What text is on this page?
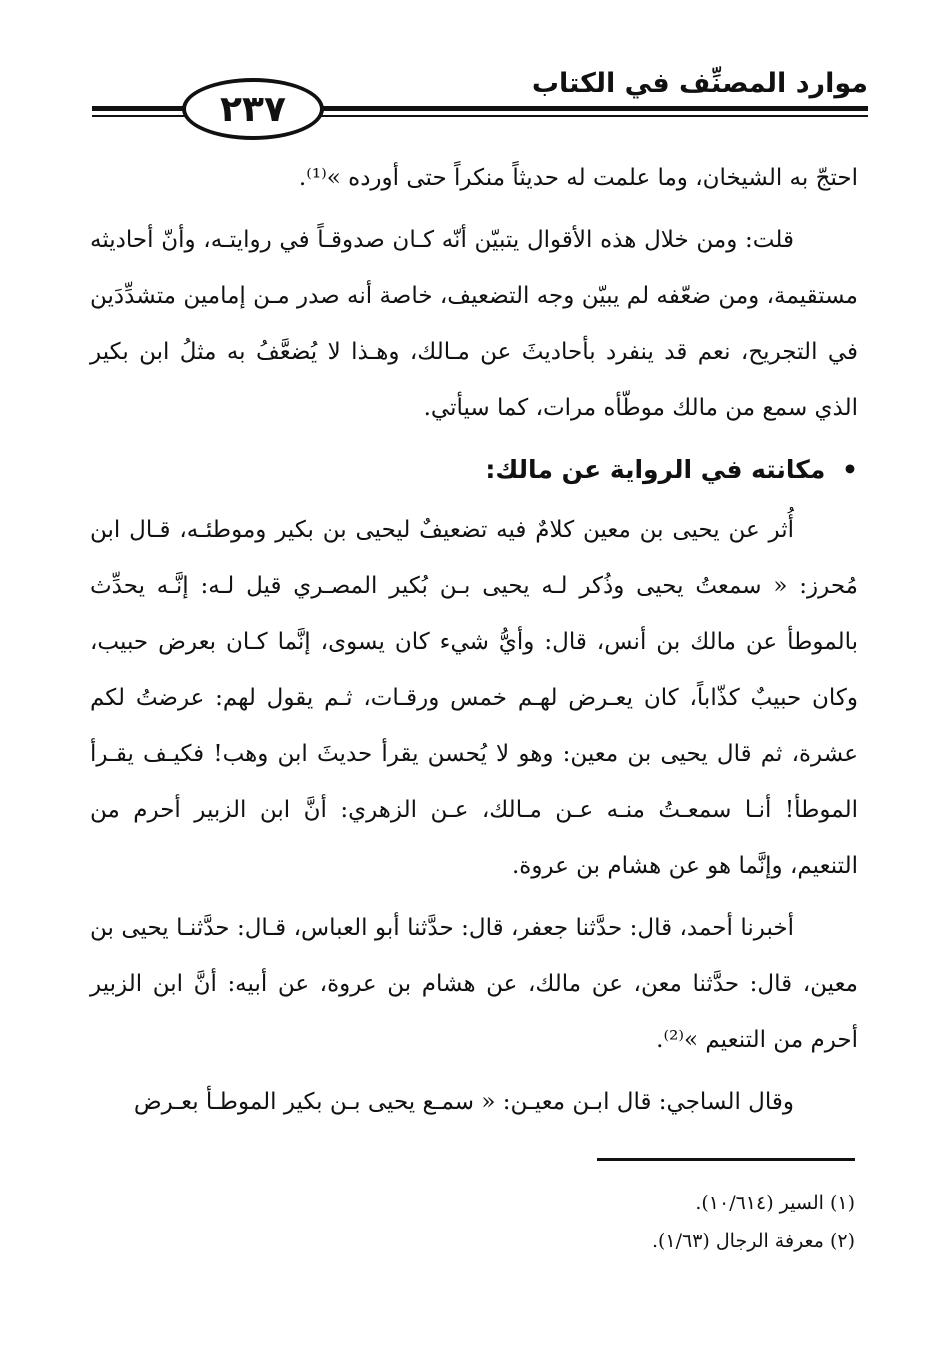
موارد المصنِّف في الكتاب
٢٣٧

احتجّ به الشيخان، وما علمت له حديثاً منكراً حتى أورده »⁽¹⁾.

قلت: ومن خلال هذه الأقوال يتبيّن أنّه كـان صدوقـاً في روايتـه، وأنّ أحاديثه مستقيمة، ومن ضعّفه لم يبيّن وجه التضعيف، خاصة أنه صدر مـن إمامين متشدِّدَين في التجريح، نعم قد ينفرد بأحاديثَ عن مـالك، وهـذا لا يُضعَّفُ به مثلُ ابن بكير الذي سمع من مالك موطّأه مرات، كما سيأتي.

• مكانته في الرواية عن مالك:

أُثر عن يحيى بن معين كلامٌ فيه تضعيفٌ ليحيى بن بكير وموطئـه، قـال ابن مُحرز: « سمعتُ يحيى وذُكر لـه يحيى بـن بُكير المصـري قيل لـه: إنَّـه يحدِّث بالموطأ عن مالك بن أنس، قال: وأيُّ شيء كان يسوى، إنَّما كـان بعرض حبيب، وكان حبيبٌ كذّاباً، كان يعـرض لهـم خمس ورقـات، ثـم يقول لهم: عرضتُ لكم عشرة، ثم قال يحيى بن معين: وهو لا يُحسن يقرأ حديثَ ابن وهب! فكيـف يقـرأ الموطأ! أنـا سمعـتُ منـه عـن مـالك، عـن الزهري: أنَّ ابن الزبير أحرم من التنعيم، وإنَّما هو عن هشام بن عروة.

أخبرنا أحمد، قال: حدَّثنا جعفر، قال: حدَّثنا أبو العباس، قـال: حدَّثنـا يحيى بن معين، قال: حدَّثنا معن، عن مالك، عن هشام بن عروة، عن أبيه: أنَّ ابن الزبير أحرم من التنعيم »⁽²⁾.

وقال الساجي: قال ابـن معيـن: « سمـع يحيى بـن بكير الموطـأ بعـرض

(١) السير (١٠/٦١٤).
(٢) معرفة الرجال (١/٦٣).
